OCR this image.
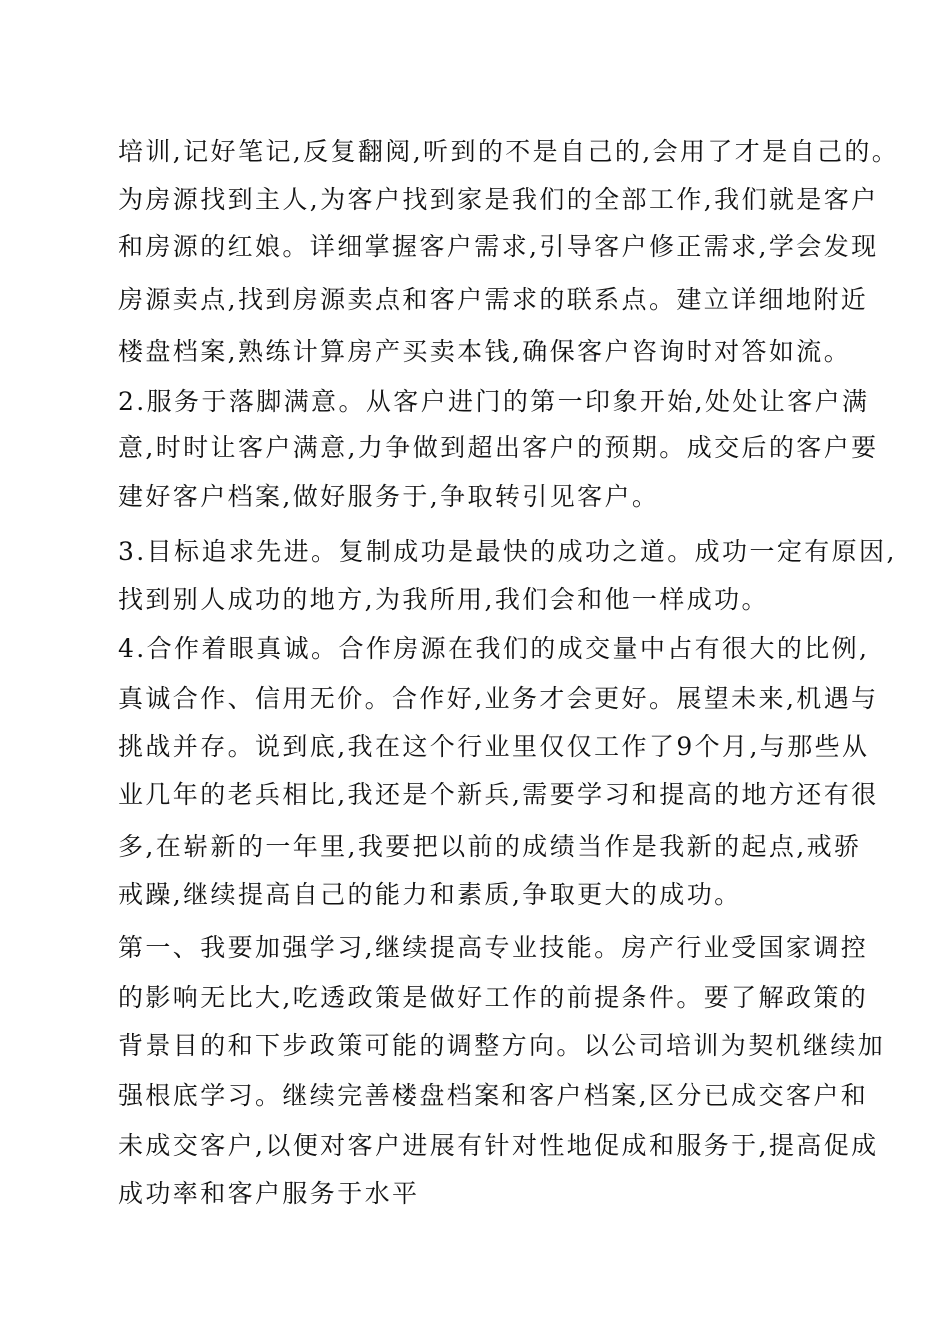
培训,记好笔记,反复翻阅,听到的不是自己的,会用了才是自己的。
为房源找到主人,为客户找到家是我们的全部工作,我们就是客户
和房源的红娘。详细掌握客户需求,引导客户修正需求,学会发现
房源卖点,找到房源卖点和客户需求的联系点。建立详细地附近
楼盘档案,熟练计算房产买卖本钱,确保客户咨询时对答如流。
2.服务于落脚满意。从客户进门的第一印象开始,处处让客户满
意,时时让客户满意,力争做到超出客户的预期。成交后的客户要
建好客户档案,做好服务于,争取转引见客户。
3.目标追求先进。复制成功是最快的成功之道。成功一定有原因,
找到别人成功的地方,为我所用,我们会和他一样成功。
4.合作着眼真诚。合作房源在我们的成交量中占有很大的比例,
真诚合作、信用无价。合作好,业务才会更好。展望未来,机遇与
挑战并存。说到底,我在这个行业里仅仅工作了9个月,与那些从
业几年的老兵相比,我还是个新兵,需要学习和提高的地方还有很
多,在崭新的一年里,我要把以前的成绩当作是我新的起点,戒骄
戒躁,继续提高自己的能力和素质,争取更大的成功。
第一、我要加强学习,继续提高专业技能。房产行业受国家调控
的影响无比大,吃透政策是做好工作的前提条件。要了解政策的
背景目的和下步政策可能的调整方向。以公司培训为契机继续加
强根底学习。继续完善楼盘档案和客户档案,区分已成交客户和
未成交客户,以便对客户进展有针对性地促成和服务于,提高促成
成功率和客户服务于水平
